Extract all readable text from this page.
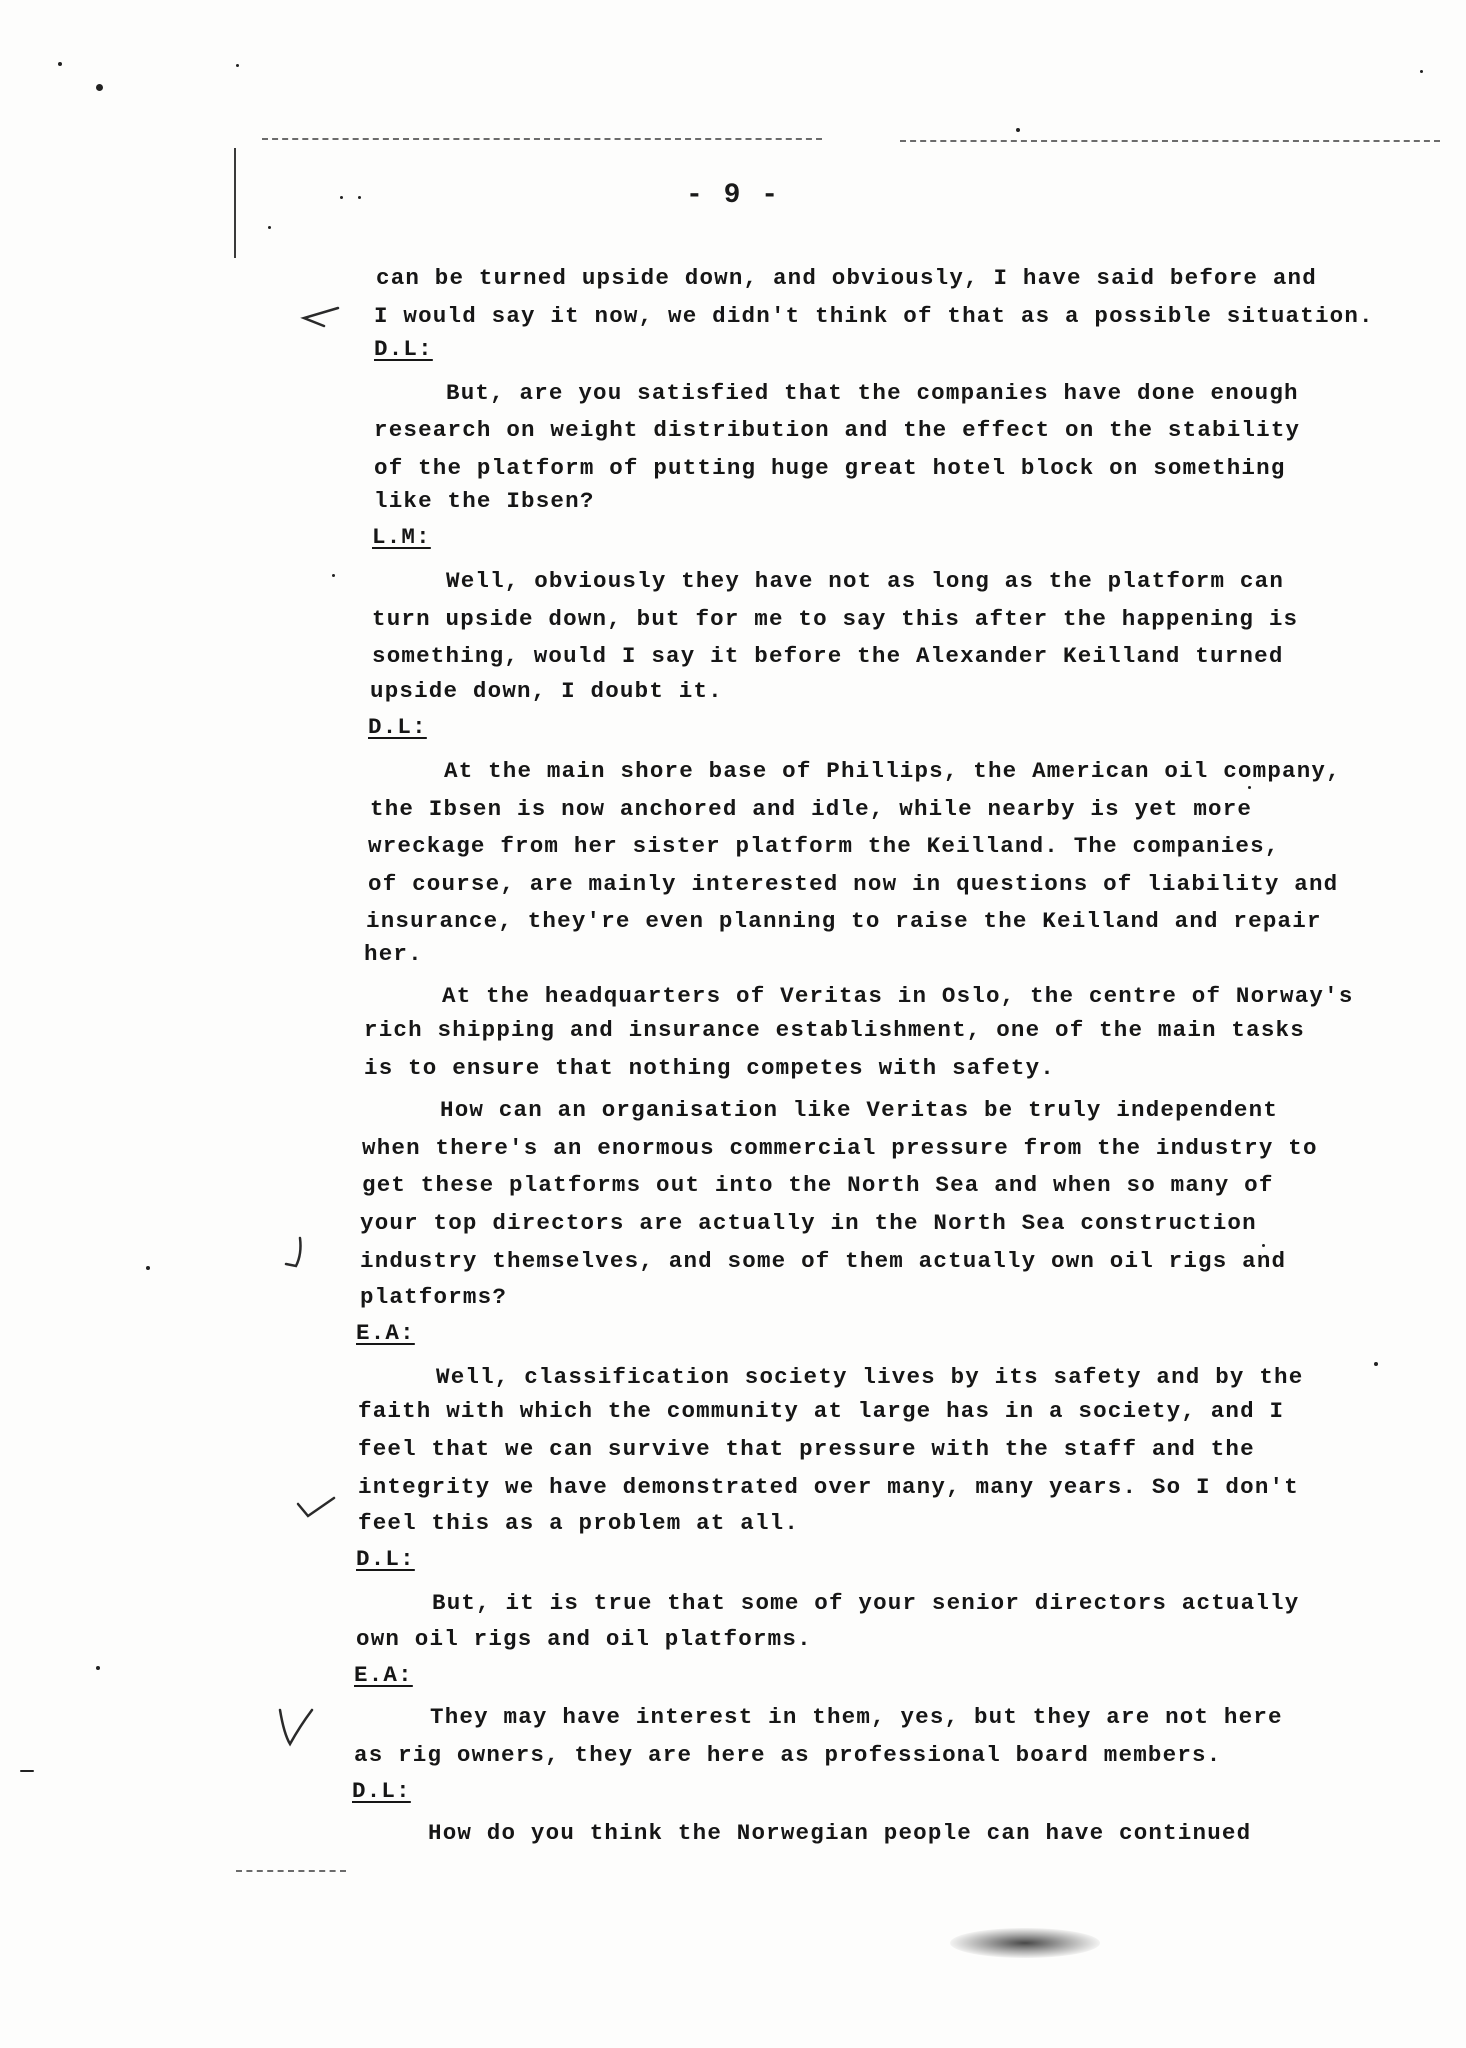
- 9 -
can be turned upside down, and obviously, I have said before and
I would say it now, we didn't think of that as a possible situation.
D.L:
But, are you satisfied that the companies have done enough
research on weight distribution and the effect on the stability
of the platform of putting huge great hotel block on something
like the Ibsen?
L.M:
Well, obviously they have not as long as the platform can
turn upside down, but for me to say this after the happening is
something, would I say it before the Alexander Keilland turned
upside down, I doubt it.
D.L:
At the main shore base of Phillips, the American oil company,
the Ibsen is now anchored and idle, while nearby is yet more
wreckage from her sister platform the Keilland. The companies,
of course, are mainly interested now in questions of liability and
insurance, they're even planning to raise the Keilland and repair
her.
At the headquarters of Veritas in Oslo, the centre of Norway's
rich shipping and insurance establishment, one of the main tasks
is to ensure that nothing competes with safety.
How can an organisation like Veritas be truly independent
when there's an enormous commercial pressure from the industry to
get these platforms out into the North Sea and when so many of
your top directors are actually in the North Sea construction
industry themselves, and some of them actually own oil rigs and
platforms?
E.A:
Well, classification society lives by its safety and by the
faith with which the community at large has in a society, and I
feel that we can survive that pressure with the staff and the
integrity we have demonstrated over many, many years. So I don't
feel this as a problem at all.
D.L:
But, it is true that some of your senior directors actually
own oil rigs and oil platforms.
E.A:
They may have interest in them, yes, but they are not here
as rig owners, they are here as professional board members.
D.L:
How do you think the Norwegian people can have continued
